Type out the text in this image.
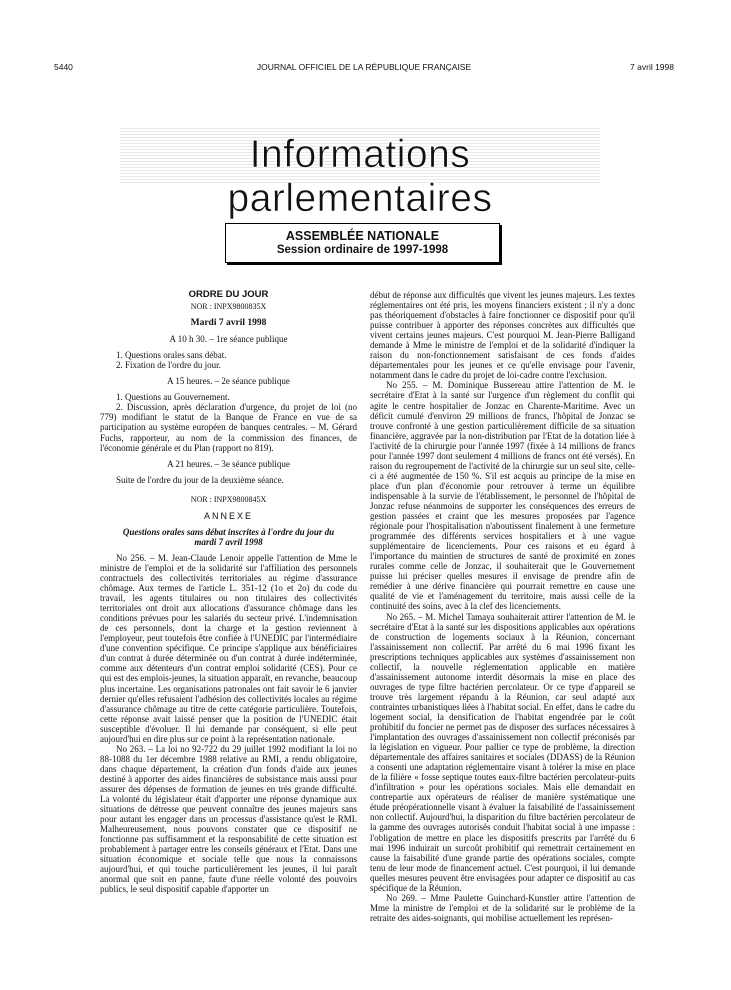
5440	JOURNAL OFFICIEL DE LA RÉPUBLIQUE FRANÇAISE	7 avril 1998
Informations parlementaires
ASSEMBLÉE NATIONALE
Session ordinaire de 1997-1998

ORDRE DU JOUR

NOR : INPX9800835X

Mardi 7 avril 1998

A 10 h 30. – 1re séance publique

1. Questions orales sans débat.

2. Fixation de l'ordre du jour.

A 15 heures. – 2e séance publique

1. Questions au Gouvernement.

2. Discussion, après déclaration d'urgence, du projet de loi (no 779) modifiant le statut de la Banque de France en vue de sa participation au système européen de banques centrales. – M. Gérard Fuchs, rapporteur, au nom de la commission des finances, de l'économie générale et du Plan (rapport no 819).

A 21 heures. – 3e séance publique

Suite de l'ordre du jour de la deuxième séance.

NOR : INPX9800845X

ANNEXE

Questions orales sans débat inscrites à l'ordre du jour du mardi 7 avril 1998

No 256. – M. Jean-Claude Lenoir appelle l'attention de Mme le ministre de l'emploi et de la solidarité sur l'affiliation des personnels contractuels des collectivités territoriales au régime d'assurance chômage. Aux termes de l'article L. 351-12 (1o et 2o) du code du travail, les agents titulaires ou non titulaires des collectivités territoriales ont droit aux allocations d'assurance chômage dans les conditions prévues pour les salariés du secteur privé. L'indemnisation de ces personnels, dont la charge et la gestion reviennent à l'employeur, peut toutefois être confiée à l'UNEDIC par l'intermédiaire d'une convention spécifique. Ce principe s'applique aux bénéficiaires d'un contrat à durée déterminée ou d'un contrat à durée indéterminée, comme aux détenteurs d'un contrat emploi solidarité (CES). Pour ce qui est des emplois-jeunes, la situation apparaît, en revanche, beaucoup plus incertaine. Les organisations patronales ont fait savoir le 6 janvier dernier qu'elles refusaient l'adhésion des collectivités locales au régime d'assurance chômage au titre de cette catégorie particulière. Toutefois, cette réponse avait laissé penser que la position de l'UNEDIC était susceptible d'évoluer. Il lui demande par conséquent, si elle peut aujourd'hui en dire plus sur ce point à la représentation nationale.

No 263. – La loi no 92-722 du 29 juillet 1992 modifiant la loi no 88-1088 du 1er décembre 1988 relative au RMI, a rendu obligatoire, dans chaque département, la création d'un fonds d'aide aux jeunes destiné à apporter des aides financières de subsistance mais aussi pour assurer des dépenses de formation de jeunes en très grande difficulté. La volonté du législateur était d'apporter une réponse dynamique aux situations de détresse que peuvent connaître des jeunes majeurs sans pour autant les engager dans un processus d'assistance qu'est le RMI. Malheureusement, nous pouvons constater que ce dispositif ne fonctionne pas suffisamment et la responsabilité de cette situation est probablement à partager entre les conseils généraux et l'Etat. Dans une situation économique et sociale telle que nous la connaissons aujourd'hui, et qui touche particulièrement les jeunes, il lui paraît anormal que soit en panne, faute d'une réelle volonté des pouvoirs publics, le seul dispositif capable d'apporter un

début de réponse aux difficultés que vivent les jeunes majeurs. Les textes réglementaires ont été pris, les moyens financiers existent ; il n'y a donc pas théoriquement d'obstacles à faire fonctionner ce dispositif pour qu'il puisse contribuer à apporter des réponses concrètes aux difficultés que vivent certains jeunes majeurs. C'est pourquoi M. Jean-Pierre Balligand demande à Mme le ministre de l'emploi et de la solidarité d'indiquer la raison du non-fonctionnement satisfaisant de ces fonds d'aides départementales pour les jeunes et ce qu'elle envisage pour l'avenir, notamment dans le cadre du projet de loi-cadre contre l'exclusion.

No 255. – M. Dominique Bussereau attire l'attention de M. le secrétaire d'Etat à la santé sur l'urgence d'un règlement du conflit qui agite le centre hospitalier de Jonzac en Charente-Maritime. Avec un déficit cumulé d'environ 29 millions de francs, l'hôpital de Jonzac se trouve confronté à une gestion particulièrement difficile de sa situation financière, aggravée par la non-distribution par l'Etat de la dotation liée à l'activité de la chirurgie pour l'année 1997 (fixée à 14 millions de francs pour l'année 1997 dont seulement 4 millions de francs ont été versés). En raison du regroupement de l'activité de la chirurgie sur un seul site, celle-ci a été augmentée de 150 %. S'il est acquis au principe de la mise en place d'un plan d'économie pour retrouver à terme un équilibre indispensable à la survie de l'établissement, le personnel de l'hôpital de Jonzac refuse néanmoins de supporter les conséquences des erreurs de gestion passées et craint que les mesures proposées par l'agence régionale pour l'hospitalisation n'aboutissent finalement à une fermeture programmée des différents services hospitaliers et à une vague supplémentaire de licenciements. Pour ces raisons et eu égard à l'importance du maintien de structures de santé de proximité en zones rurales comme celle de Jonzac, il souhaiterait que le Gouvernement puisse lui préciser quelles mesures il envisage de prendre afin de remédier à une dérive financière qui pourrait remettre en cause une qualité de vie et l'aménagement du territoire, mais aussi celle de la continuité des soins, avec à la clef des licenciements.

No 265. – M. Michel Tamaya souhaiterait attirer l'attention de M. le secrétaire d'Etat à la santé sur les dispositions applicables aux opérations de construction de logements sociaux à la Réunion, concernant l'assainissement non collectif. Par arrêté du 6 mai 1996 fixant les prescriptions techniques applicables aux systèmes d'assainissement non collectif, la nouvelle réglementation applicable en matière d'assainissement autonome interdit désormais la mise en place des ouvrages de type filtre bactérien percolateur. Or ce type d'appareil se trouve très largement répandu à la Réunion, car seul adapté aux contraintes urbanistiques liées à l'habitat social. En effet, dans le cadre du logement social, la densification de l'habitat engendrée par le coût prohibitif du foncier ne permet pas de disposer des surfaces nécessaires à l'implantation des ouvrages d'assainissement non collectif préconisés par la législation en vigueur. Pour pallier ce type de problème, la direction départementale des affaires sanitaires et sociales (DDASS) de la Réunion a consenti une adaptation réglementaire visant à tolérer la mise en place de la filière « fosse septique toutes eaux-filtre bactérien percolateur-puits d'infiltration » pour les opérations sociales. Mais elle demandait en contrepartie aux opérateurs de réaliser de manière systématique une étude préopérationnelle visant à évaluer la faisabilité de l'assainissement non collectif. Aujourd'hui, la disparition du filtre bactérien percolateur de la gamme des ouvrages autorisés conduit l'habitat social à une impasse : l'obligation de mettre en place les dispositifs prescrits par l'arrêté du 6 mai 1996 induirait un surcoût prohibitif qui remettrait certainement en cause la faisabilité d'une grande partie des opérations sociales, compte tenu de leur mode de financement actuel. C'est pourquoi, il lui demande quelles mesures peuvent être envisagées pour adapter ce dispositif au cas spécifique de la Réunion.

No 269. – Mme Paulette Guinchard-Kunstler attire l'attention de Mme la ministre de l'emploi et de la solidarité sur le problème de la retraite des aides-soignants, qui mobilise actuellement les représen-
